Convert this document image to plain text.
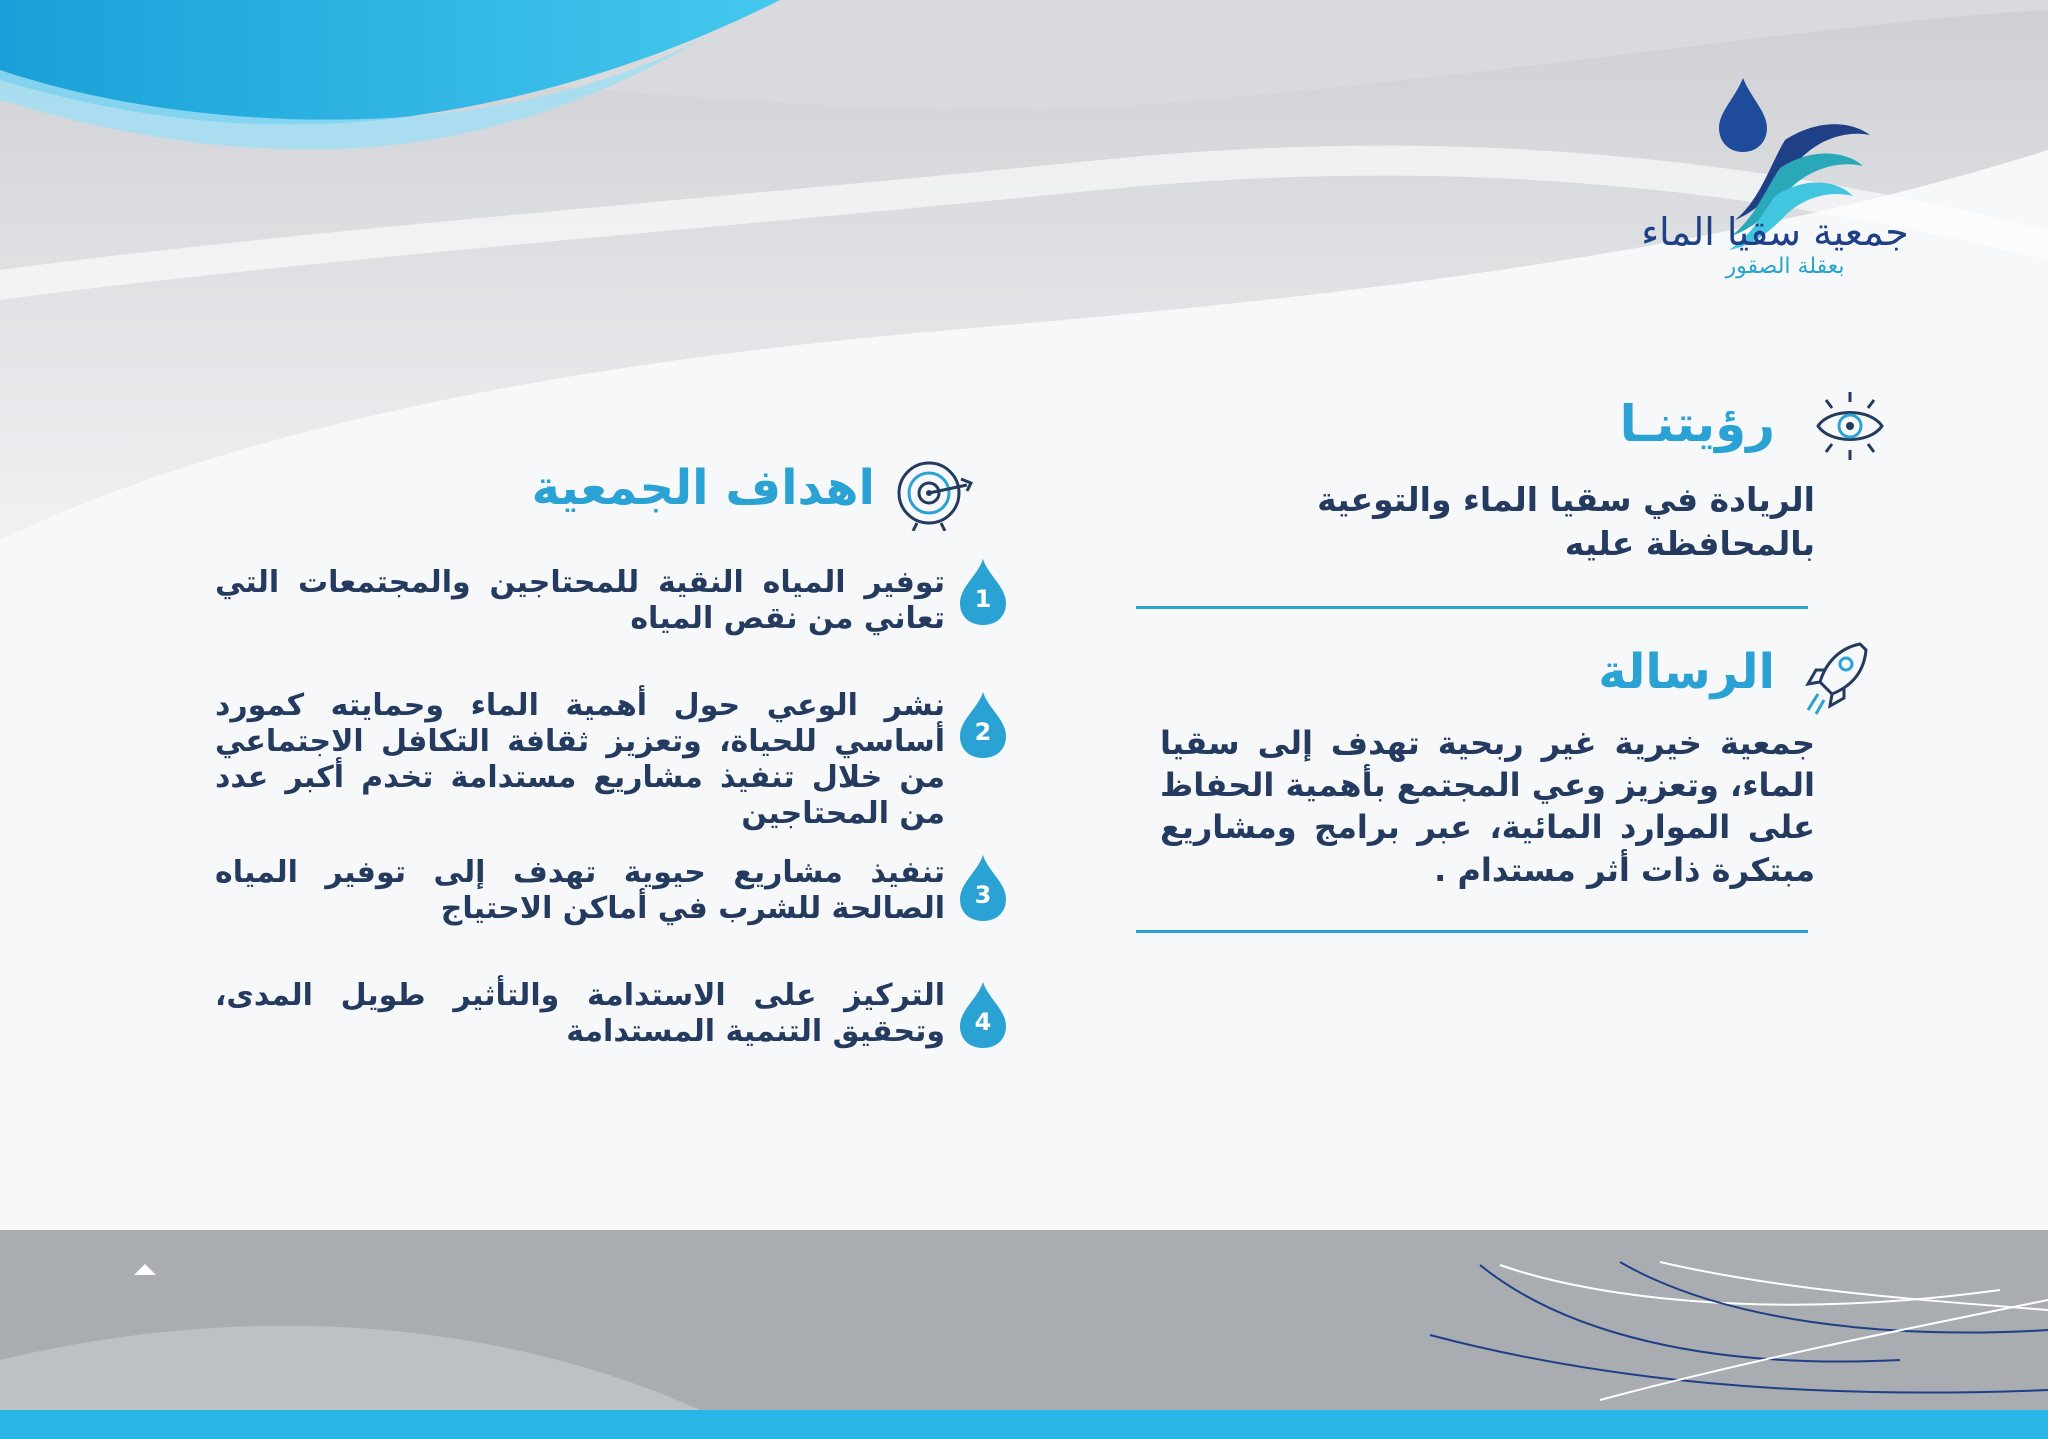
جمعية سقيا الماء
بعقلة الصقور
رؤيتنـا
الريادة في سقيا الماء والتوعية بالمحافظة عليه
الرسالة
جمعية خيرية غير ربحية تهدف إلى سقيا الماء، وتعزيز وعي المجتمع بأهمية الحفاظ على الموارد المائية، عبر برامج ومشاريع مبتكرة ذات أثر مستدام .
اهداف الجمعية
1
توفير المياه النقية للمحتاجين والمجتمعات التي تعاني من نقص المياه
2
نشر الوعي حول أهمية الماء وحمايته كمورد أساسي للحياة، وتعزيز ثقافة التكافل الاجتماعي من خلال تنفيذ مشاريع مستدامة تخدم أكبر عدد من المحتاجين
3
تنفيذ مشاريع حيوية تهدف إلى توفير المياه الصالحة للشرب في أماكن الاحتياج
4
التركيز على الاستدامة والتأثير طويل المدى، وتحقيق التنمية المستدامة
